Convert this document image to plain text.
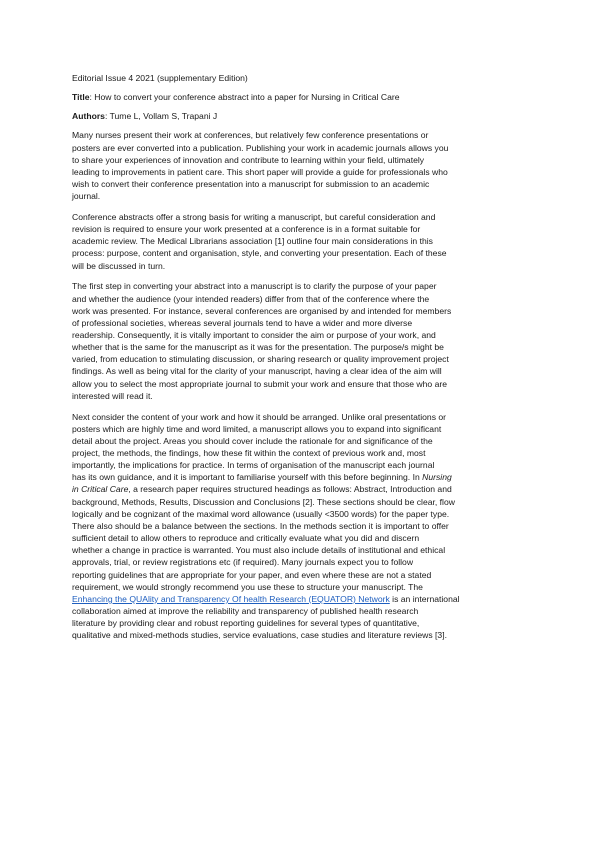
Editorial Issue 4 2021 (supplementary Edition)
Title: How to convert your conference abstract into a paper for Nursing in Critical Care
Authors: Tume L, Vollam S, Trapani J
Many nurses present their work at conferences, but relatively few conference presentations or
posters are ever converted into a publication. Publishing your work in academic journals allows you
to share your experiences of innovation and contribute to learning within your field, ultimately
leading to improvements in patient care. This short paper will provide a guide for professionals who
wish to convert their conference presentation into a manuscript for submission to an academic
journal.
Conference abstracts offer a strong basis for writing a manuscript, but careful consideration and
revision is required to ensure your work presented at a conference is in a format suitable for
academic review. The Medical Librarians association [1] outline four main considerations in this
process: purpose, content and organisation, style, and converting your presentation. Each of these
will be discussed in turn.
The first step in converting your abstract into a manuscript is to clarify the purpose of your paper
and whether the audience (your intended readers) differ from that of the conference where the
work was presented. For instance, several conferences are organised by and intended for members
of professional societies, whereas several journals tend to have a wider and more diverse
readership. Consequently, it is vitally important to consider the aim or purpose of your work, and
whether that is the same for the manuscript as it was for the presentation. The purpose/s might be
varied, from education to stimulating discussion, or sharing research or quality improvement project
findings. As well as being vital for the clarity of your manuscript, having a clear idea of the aim will
allow you to select the most appropriate journal to submit your work and ensure that those who are
interested will read it.
Next consider the content of your work and how it should be arranged. Unlike oral presentations or
posters which are highly time and word limited, a manuscript allows you to expand into significant
detail about the project. Areas you should cover include the rationale for and significance of the
project, the methods, the findings, how these fit within the context of previous work and, most
importantly, the implications for practice. In terms of organisation of the manuscript each journal
has its own guidance, and it is important to familiarise yourself with this before beginning. In Nursing
in Critical Care, a research paper requires structured headings as follows: Abstract, Introduction and
background, Methods, Results, Discussion and Conclusions [2]. These sections should be clear, flow
logically and be cognizant of the maximal word allowance (usually <3500 words) for the paper type.
There also should be a balance between the sections. In the methods section it is important to offer
sufficient detail to allow others to reproduce and critically evaluate what you did and discern
whether a change in practice is warranted. You must also include details of institutional and ethical
approvals, trial, or review registrations etc (if required). Many journals expect you to follow
reporting guidelines that are appropriate for your paper, and even where these are not a stated
requirement, we would strongly recommend you use these to structure your manuscript. The
Enhancing the QUAlity and Transparency Of health Research (EQUATOR) Network is an international
collaboration aimed at improve the reliability and transparency of published health research
literature by providing clear and robust reporting guidelines for several types of quantitative,
qualitative and mixed-methods studies, service evaluations, case studies and literature reviews [3].
